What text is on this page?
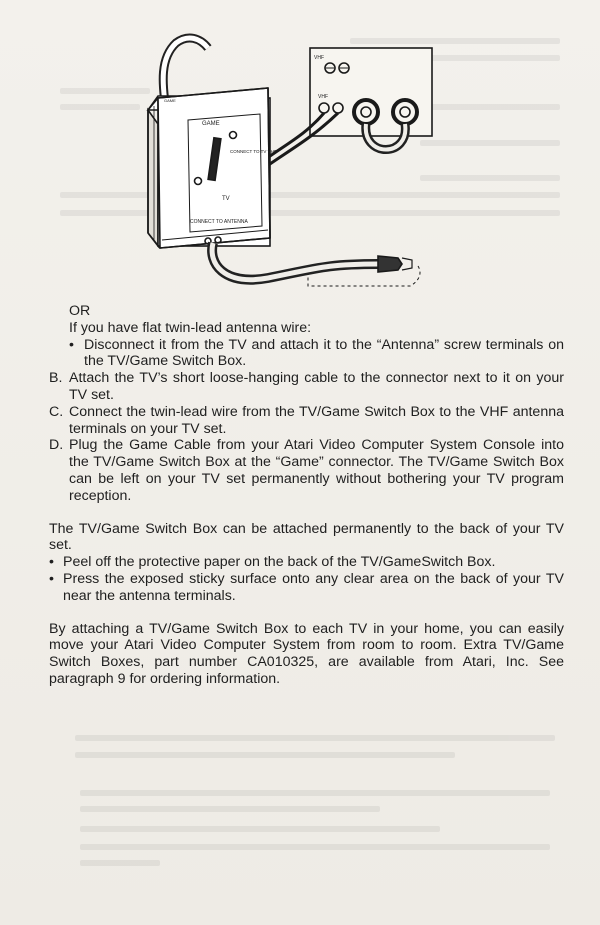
VHF
VHF
GAME
GAME
CONNECT TO TV VHF
TV
CONNECT TO ANTENNA

OR

If you have flat twin-lead antenna wire:

• Disconnect it from the TV and attach it to the “Antenna” screw terminals on the TV/Game Switch Box.

B. Attach the TV’s short loose-hanging cable to the connector next to it on your TV set.

C. Connect the twin-lead wire from the TV/Game Switch Box to the VHF antenna terminals on your TV set.

D. Plug the Game Cable from your Atari Video Computer System Console into the TV/Game Switch Box at the “Game” connector. The TV/Game Switch Box can be left on your TV set permanently without bothering your TV program reception.

The TV/Game Switch Box can be attached permanently to the back of your TV set.

• Peel off the protective paper on the back of the TV/GameSwitch Box.

• Press the exposed sticky surface onto any clear area on the back of your TV near the antenna terminals.

By attaching a TV/Game Switch Box to each TV in your home, you can easily move your Atari Video Computer System from room to room. Extra TV/Game Switch Boxes, part number CA010325, are available from Atari, Inc. See paragraph 9 for ordering information.
